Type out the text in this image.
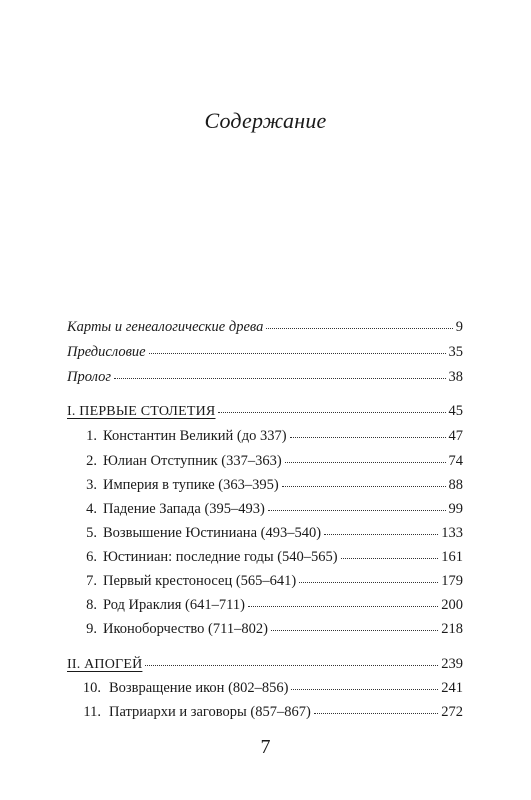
Содержание
Карты и генеалогические древа	9
Предисловие	35
Пролог	38
I. ПЕРВЫЕ СТОЛЕТИЯ	45
1. Константин Великий (до 337)	47
2. Юлиан Отступник (337–363)	74
3. Империя в тупике (363–395)	88
4. Падение Запада (395–493)	99
5. Возвышение Юстиниана (493–540)	133
6. Юстиниан: последние годы (540–565)	161
7. Первый крестоносец (565–641)	179
8. Род Ираклия (641–711)	200
9. Иконоборчество (711–802)	218
II. АПОГЕЙ	239
10. Возвращение икон (802–856)	241
11. Патриархи и заговоры (857–867)	272
7
